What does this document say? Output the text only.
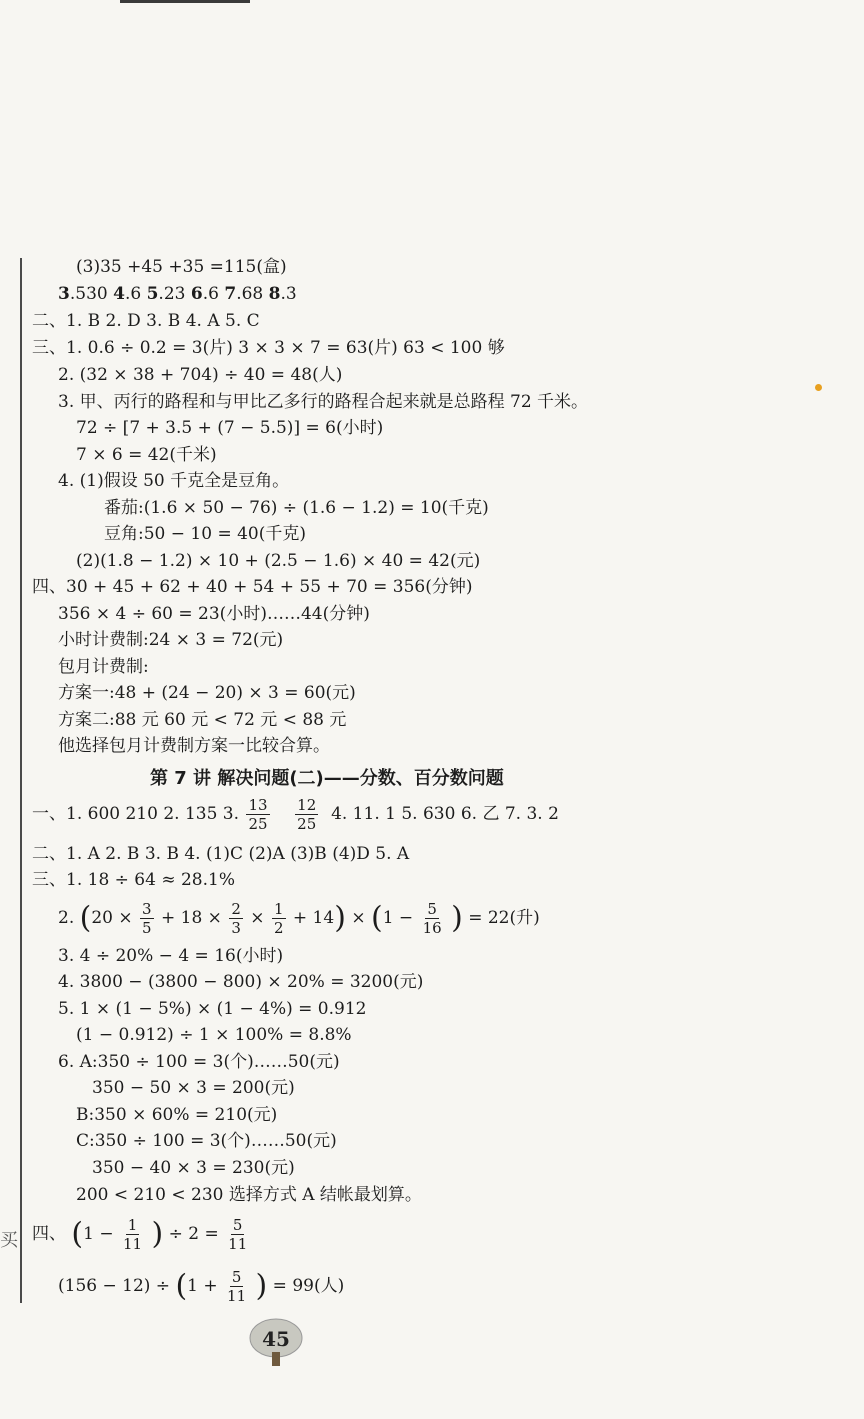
买
(3)35 +45 +35 =115(盒)
3.530 4.6 5.23 6.6 7.68 8.3
二、1. B 2. D 3. B 4. A 5. C
三、1. 0.6 ÷ 0.2 = 3(片) 3 × 3 × 7 = 63(片) 63 < 100 够
2. (32 × 38 + 704) ÷ 40 = 48(人)
3. 甲、丙行的路程和与甲比乙多行的路程合起来就是总路程 72 千米。
72 ÷ [7 + 3.5 + (7 − 5.5)] = 6(小时)
7 × 6 = 42(千米)
4. (1)假设 50 千克全是豆角。
番茄:(1.6 × 50 − 76) ÷ (1.6 − 1.2) = 10(千克)
豆角:50 − 10 = 40(千克)
(2)(1.8 − 1.2) × 10 + (2.5 − 1.6) × 40 = 42(元)
四、30 + 45 + 62 + 40 + 54 + 55 + 70 = 356(分钟)
356 × 4 ÷ 60 = 23(小时)……44(分钟)
小时计费制:24 × 3 = 72(元)
包月计费制:
方案一:48 + (24 − 20) × 3 = 60(元)
方案二:88 元 60 元 < 72 元 < 88 元
他选择包月计费制方案一比较合算。
第 7 讲 解决问题(二)——分数、百分数问题
一、1. 600 210 2. 135 3. $\frac{13}{25}$
$\frac{12}{25} 4$. 11. 1 5. 630 6. 乙 7. 3. 2
二、1. A 2. B 3. B 4. (1)C (2)A (3)B (4)D 5. A
三、1. 18 ÷ 64 ≈ 28.1%
2. $(20 \times \frac{3}{5} + 18 \times \frac{2}{3} \times \frac{1}{2} + 14) \times (1 - \frac{5}{16}$ ) = 22(升)
3. 4 ÷ 20% − 4 = 16(小时)
4. 3800 − (3800 − 800) × 20% = 3200(元)
5. 1 × (1 − 5%) × (1 − 4%) = 0.912
(1 − 0.912) ÷ 1 × 100% = 8.8%
6. A:350 ÷ 100 = 3(个)……50(元)
350 − 50 × 3 = 200(元)
B:350 × 60% = 210(元)
C:350 ÷ 100 = 3(个)……50(元)
350 − 40 × 3 = 230(元)
200 < 210 < 230 选择方式 A 结帐最划算。
四、 ($1 - \frac{1}{11}$ ) ÷ $2 = \frac{5}{11}$
$(156 - 12) \div (1 + \frac{5}{11}$ ) = 99(人)
45
